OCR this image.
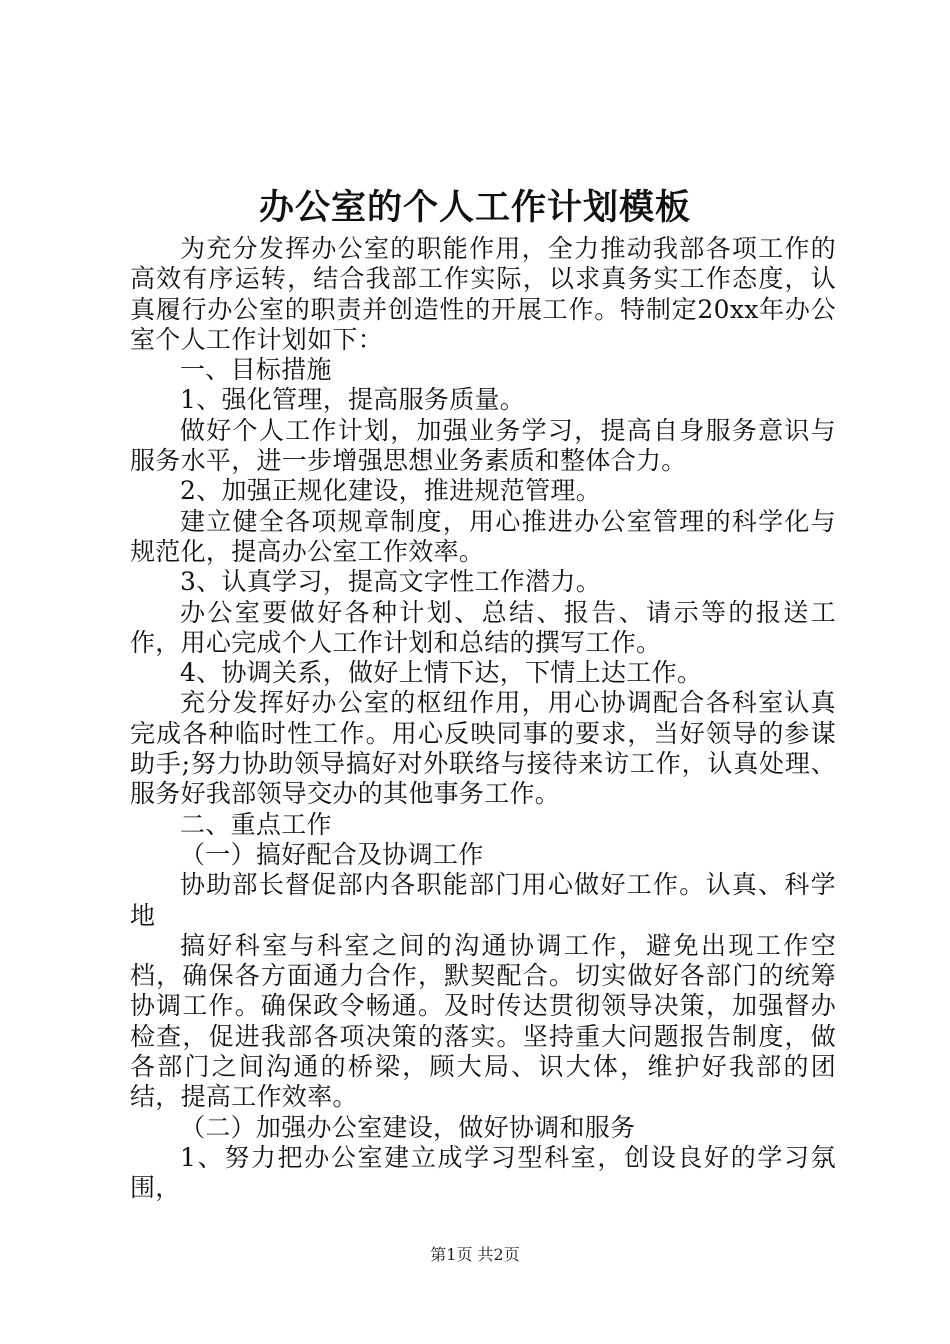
办公室的个人工作计划模板

为充分发挥办公室的职能作用，全力推动我部各项工作的高效有序运转，结合我部工作实际，以求真务实工作态度，认真履行办公室的职责并创造性的开展工作。特制定20xx年办公室个人工作计划如下：

一、目标措施

1、强化管理，提高服务质量。

做好个人工作计划，加强业务学习，提高自身服务意识与服务水平，进一步增强思想业务素质和整体合力。

2、加强正规化建设，推进规范管理。

建立健全各项规章制度，用心推进办公室管理的科学化与规范化，提高办公室工作效率。

3、认真学习，提高文字性工作潜力。

办公室要做好各种计划、总结、报告、请示等的报送工作，用心完成个人工作计划和总结的撰写工作。

4、协调关系，做好上情下达，下情上达工作。

充分发挥好办公室的枢纽作用，用心协调配合各科室认真完成各种临时性工作。用心反映同事的要求，当好领导的参谋助手;努力协助领导搞好对外联络与接待来访工作，认真处理、服务好我部领导交办的其他事务工作。

二、重点工作

（一）搞好配合及协调工作

协助部长督促部内各职能部门用心做好工作。认真、科学地

搞好科室与科室之间的沟通协调工作，避免出现工作空档，确保各方面通力合作，默契配合。切实做好各部门的统筹协调工作。确保政令畅通。及时传达贯彻领导决策，加强督办检查，促进我部各项决策的落实。坚持重大问题报告制度，做各部门之间沟通的桥梁，顾大局、识大体，维护好我部的团结，提高工作效率。

（二）加强办公室建设，做好协调和服务

1、努力把办公室建立成学习型科室，创设良好的学习氛围，

第1页 共2页
